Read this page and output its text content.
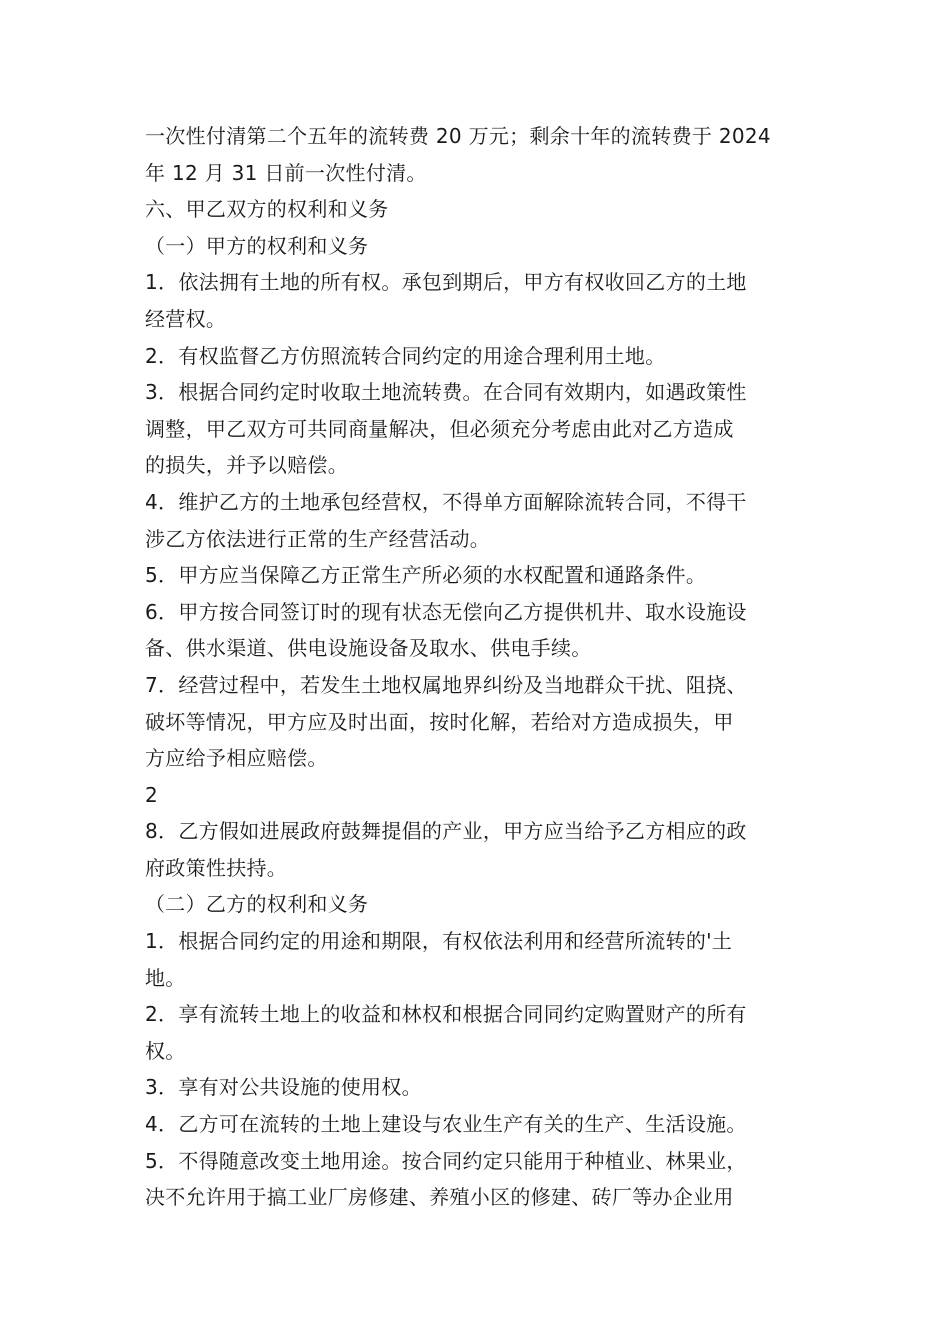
一次性付清第二个五年的流转费 20 万元；剩余十年的流转费于 2024
年 12 月 31 日前一次性付清。
六、甲乙双方的权利和义务
（一）甲方的权利和义务
1．依法拥有土地的所有权。承包到期后，甲方有权收回乙方的土地
经营权。
2．有权监督乙方仿照流转合同约定的用途合理利用土地。
3．根据合同约定时收取土地流转费。在合同有效期内，如遇政策性
调整，甲乙双方可共同商量解决，但必须充分考虑由此对乙方造成
的损失，并予以赔偿。
4．维护乙方的土地承包经营权，不得单方面解除流转合同，不得干
涉乙方依法进行正常的生产经营活动。
5．甲方应当保障乙方正常生产所必须的水权配置和通路条件。
6．甲方按合同签订时的现有状态无偿向乙方提供机井、取水设施设
备、供水渠道、供电设施设备及取水、供电手续。
7．经营过程中，若发生土地权属地界纠纷及当地群众干扰、阻挠、
破坏等情况，甲方应及时出面，按时化解，若给对方造成损失，甲
方应给予相应赔偿。
2
8．乙方假如进展政府鼓舞提倡的产业，甲方应当给予乙方相应的政
府政策性扶持。
（二）乙方的权利和义务
1．根据合同约定的用途和期限，有权依法利用和经营所流转的'土
地。
2．享有流转土地上的收益和林权和根据合同同约定购置财产的所有
权。
3．享有对公共设施的使用权。
4．乙方可在流转的土地上建设与农业生产有关的生产、生活设施。
5．不得随意改变土地用途。按合同约定只能用于种植业、林果业，
决不允许用于搞工业厂房修建、养殖小区的修建、砖厂等办企业用
